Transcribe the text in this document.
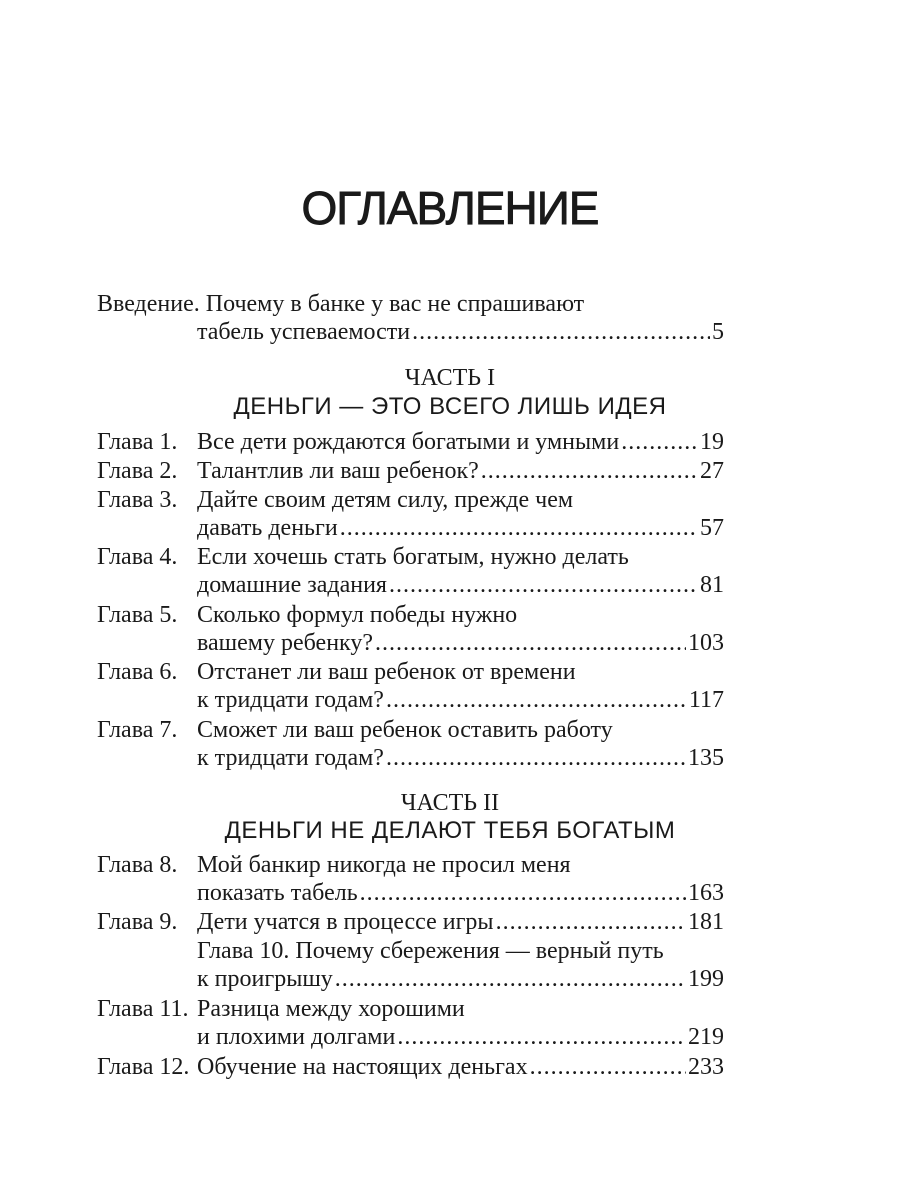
ОГЛАВЛЕНИЕ
Введение. Почему в банке у вас не спрашивают
табель успеваемости .....	5
ЧАСТЬ I
ДЕНЬГИ — ЭТО ВСЕГО ЛИШЬ ИДЕЯ
Глава 1. Все дети рождаются богатыми и умными .....	19
Глава 2. Талантлив ли ваш ребенок? .....	27
Глава 3. Дайте своим детям силу, прежде чем
давать деньги .....	57
Глава 4. Если хочешь стать богатым, нужно делать
домашние задания .....	81
Глава 5. Сколько формул победы нужно
вашему ребенку? .....	103
Глава 6. Отстанет ли ваш ребенок от времени
к тридцати годам? .....	117
Глава 7. Сможет ли ваш ребенок оставить работу
к тридцати годам? .....	135
ЧАСТЬ II
ДЕНЬГИ НЕ ДЕЛАЮТ ТЕБЯ БОГАТЫМ
Глава 8. Мой банкир никогда не просил меня
показать табель .....	163
Глава 9. Дети учатся в процессе игры .....	181
Глава 10. Почему сбережения — верный путь
к проигрышу .....	199
Глава 11. Разница между хорошими
и плохими долгами .....	219
Глава 12. Обучение на настоящих деньгах .....	233
